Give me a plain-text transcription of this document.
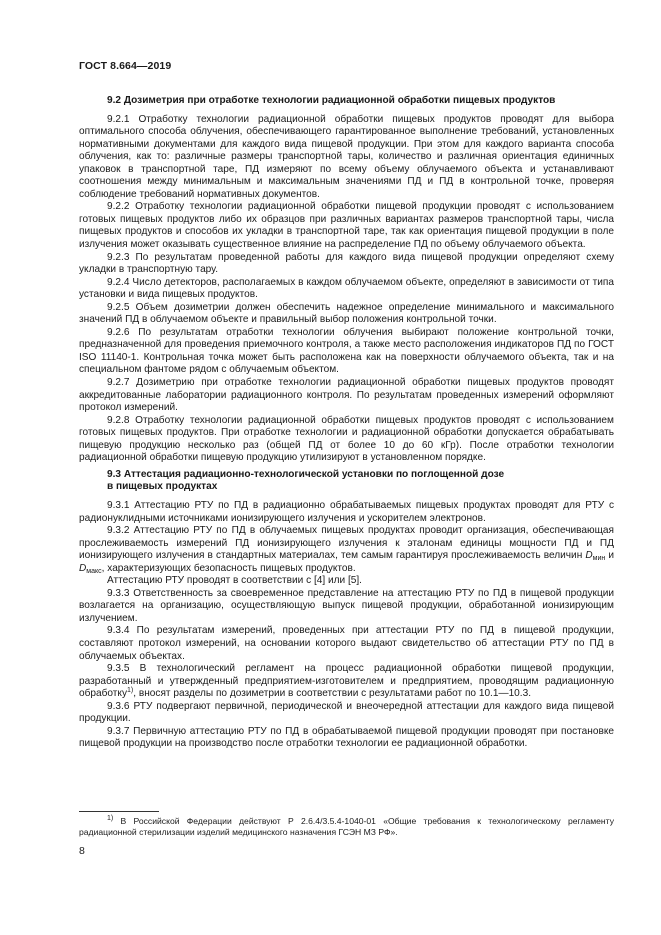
ГОСТ 8.664—2019

9.2 Дозиметрия при отработке технологии радиационной обработки пищевых продуктов

9.2.1 Отработку технологии радиационной обработки пищевых продуктов проводят для выбора оптимального способа облучения, обеспечивающего гарантированное выполнение требований, установленных нормативными документами для каждого вида пищевой продукции. При этом для каждого варианта способа облучения, как то: различные размеры транспортной тары, количество и различная ориентация единичных упаковок в транспортной таре, ПД измеряют по всему объему облучаемого объекта и устанавливают соотношения между минимальным и максимальным значениями ПД и ПД в контрольной точке, проверяя соблюдение требований нормативных документов.

9.2.2 Отработку технологии радиационной обработки пищевой продукции проводят с использованием готовых пищевых продуктов либо их образцов при различных вариантах размеров транспортной тары, числа пищевых продуктов и способов их укладки в транспортной таре, так как ориентация пищевой продукции в поле излучения может оказывать существенное влияние на распределение ПД по объему облучаемого объекта.

9.2.3 По результатам проведенной работы для каждого вида пищевой продукции определяют схему укладки в транспортную тару.

9.2.4 Число детекторов, располагаемых в каждом облучаемом объекте, определяют в зависимости от типа установки и вида пищевых продуктов.

9.2.5 Объем дозиметрии должен обеспечить надежное определение минимального и максимального значений ПД в облучаемом объекте и правильный выбор положения контрольной точки.

9.2.6 По результатам отработки технологии облучения выбирают положение контрольной точки, предназначенной для проведения приемочного контроля, а также место расположения индикаторов ПД по ГОСТ ISO 11140-1. Контрольная точка может быть расположена как на поверхности облучаемого объекта, так и на специальном фантоме рядом с облучаемым объектом.

9.2.7 Дозиметрию при отработке технологии радиационной обработки пищевых продуктов проводят аккредитованные лаборатории радиационного контроля. По результатам проведенных измерений оформляют протокол измерений.

9.2.8 Отработку технологии радиационной обработки пищевых продуктов проводят с использованием готовых пищевых продуктов. При отработке технологии и радиационной обработки допускается обрабатывать пищевую продукцию несколько раз (общей ПД от более 10 до 60 кГр). После отработки технологии радиационной обработки пищевую продукцию утилизируют в установленном порядке.

9.3 Аттестация радиационно-технологической установки по поглощенной дозе
в пищевых продуктах

9.3.1 Аттестацию РТУ по ПД в радиационно обрабатываемых пищевых продуктах проводят для РТУ с радионуклидными источниками ионизирующего излучения и ускорителем электронов.

9.3.2 Аттестацию РТУ по ПД в облучаемых пищевых продуктах проводит организация, обеспечивающая прослеживаемость измерений ПД ионизирующего излучения к эталонам единицы мощности ПД и ПД ионизирующего излучения в стандартных материалах, тем самым гарантируя прослеживаемость величин $D_{мин}$ и $D_{макс}$, характеризующих безопасность пищевых продуктов.

Аттестацию РТУ проводят в соответствии с [4] или [5].

9.3.3 Ответственность за своевременное представление на аттестацию РТУ по ПД в пищевой продукции возлагается на организацию, осуществляющую выпуск пищевой продукции, обработанной ионизирующим излучением.

9.3.4 По результатам измерений, проведенных при аттестации РТУ по ПД в пищевой продукции, составляют протокол измерений, на основании которого выдают свидетельство об аттестации РТУ по ПД в облучаемых объектах.

9.3.5 В технологический регламент на процесс радиационной обработки пищевой продукции, разработанный и утвержденный предприятием-изготовителем и предприятием, проводящим радиационную обработку$^{1)}$, вносят разделы по дозиметрии в соответствии с результатами работ по 10.1—10.3.

9.3.6 РТУ подвергают первичной, периодической и внеочередной аттестации для каждого вида пищевой продукции.

9.3.7 Первичную аттестацию РТУ по ПД в обрабатываемой пищевой продукции проводят при постановке пищевой продукции на производство после отработки технологии ее радиационной обработки.

$^{1)}$ В Российской Федерации действуют Р 2.6.4/3.5.4-1040-01 «Общие требования к технологическому регламенту радиационной стерилизации изделий медицинского назначения ГСЭН МЗ РФ».
8
